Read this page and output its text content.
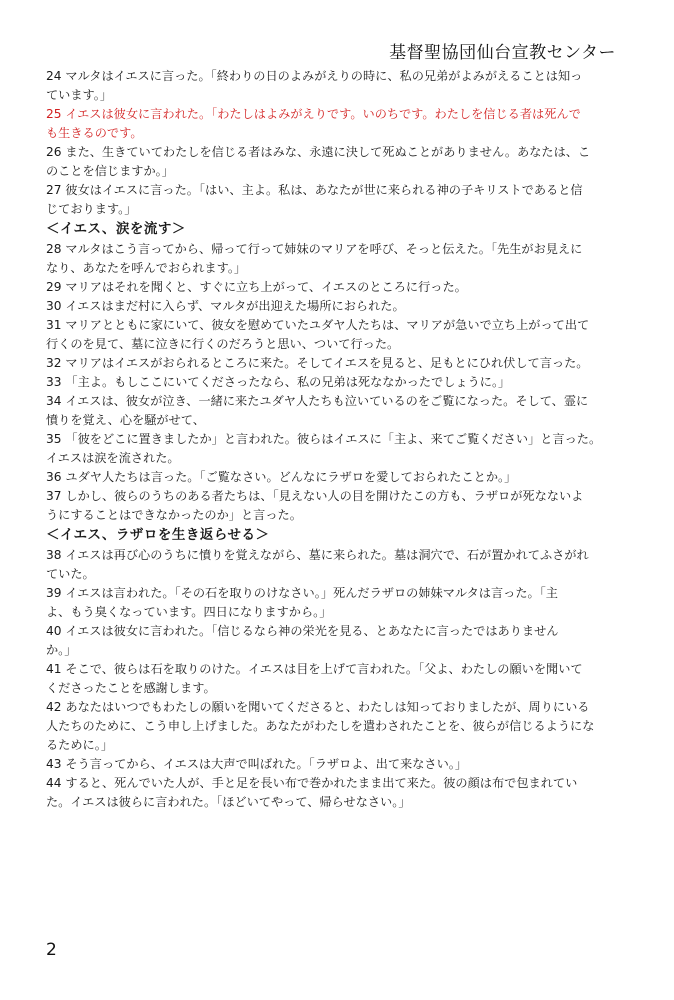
基督聖協団仙台宣教センター
24 マルタはイエスに言った。「終わりの日のよみがえりの時に、私の兄弟がよみがえることは知っ
ています。」
25 イエスは彼女に言われた。「わたしはよみがえりです。いのちです。わたしを信じる者は死んで
も生きるのです。
26 また、生きていてわたしを信じる者はみな、永遠に決して死ぬことがありません。あなたは、こ
のことを信じますか。」
27 彼女はイエスに言った。「はい、主よ。私は、あなたが世に来られる神の子キリストであると信
じております。」
＜イエス、涙を流す＞
28 マルタはこう言ってから、帰って行って姉妹のマリアを呼び、そっと伝えた。「先生がお見えに
なり、あなたを呼んでおられます。」
29 マリアはそれを聞くと、すぐに立ち上がって、イエスのところに行った。
30 イエスはまだ村に入らず、マルタが出迎えた場所におられた。
31 マリアとともに家にいて、彼女を慰めていたユダヤ人たちは、マリアが急いで立ち上がって出て
行くのを見て、墓に泣きに行くのだろうと思い、ついて行った。
32 マリアはイエスがおられるところに来た。そしてイエスを見ると、足もとにひれ伏して言った。
33 「主よ。もしここにいてくださったなら、私の兄弟は死ななかったでしょうに。」
34 イエスは、彼女が泣き、一緒に来たユダヤ人たちも泣いているのをご覧になった。そして、霊に
憤りを覚え、心を騒がせて、
35 「彼をどこに置きましたか」と言われた。彼らはイエスに「主よ、来てご覧ください」と言った。
イエスは涙を流された。
36 ユダヤ人たちは言った。「ご覧なさい。どんなにラザロを愛しておられたことか。」
37 しかし、彼らのうちのある者たちは、「見えない人の目を開けたこの方も、ラザロが死なないよ
うにすることはできなかったのか」と言った。
＜イエス、ラザロを生き返らせる＞
38 イエスは再び心のうちに憤りを覚えながら、墓に来られた。墓は洞穴で、石が置かれてふさがれ
ていた。
39 イエスは言われた。「その石を取りのけなさい。」死んだラザロの姉妹マルタは言った。「主
よ、もう臭くなっています。四日になりますから。」
40 イエスは彼女に言われた。「信じるなら神の栄光を見る、とあなたに言ったではありません
か。」
41 そこで、彼らは石を取りのけた。イエスは目を上げて言われた。「父よ、わたしの願いを聞いて
くださったことを感謝します。
42 あなたはいつでもわたしの願いを聞いてくださると、わたしは知っておりましたが、周りにいる
人たちのために、こう申し上げました。あなたがわたしを遣わされたことを、彼らが信じるようにな
るために。」
43 そう言ってから、イエスは大声で叫ばれた。「ラザロよ、出て来なさい。」
44 すると、死んでいた人が、手と足を長い布で巻かれたまま出て来た。彼の顔は布で包まれてい
た。イエスは彼らに言われた。「ほどいてやって、帰らせなさい。」
2
